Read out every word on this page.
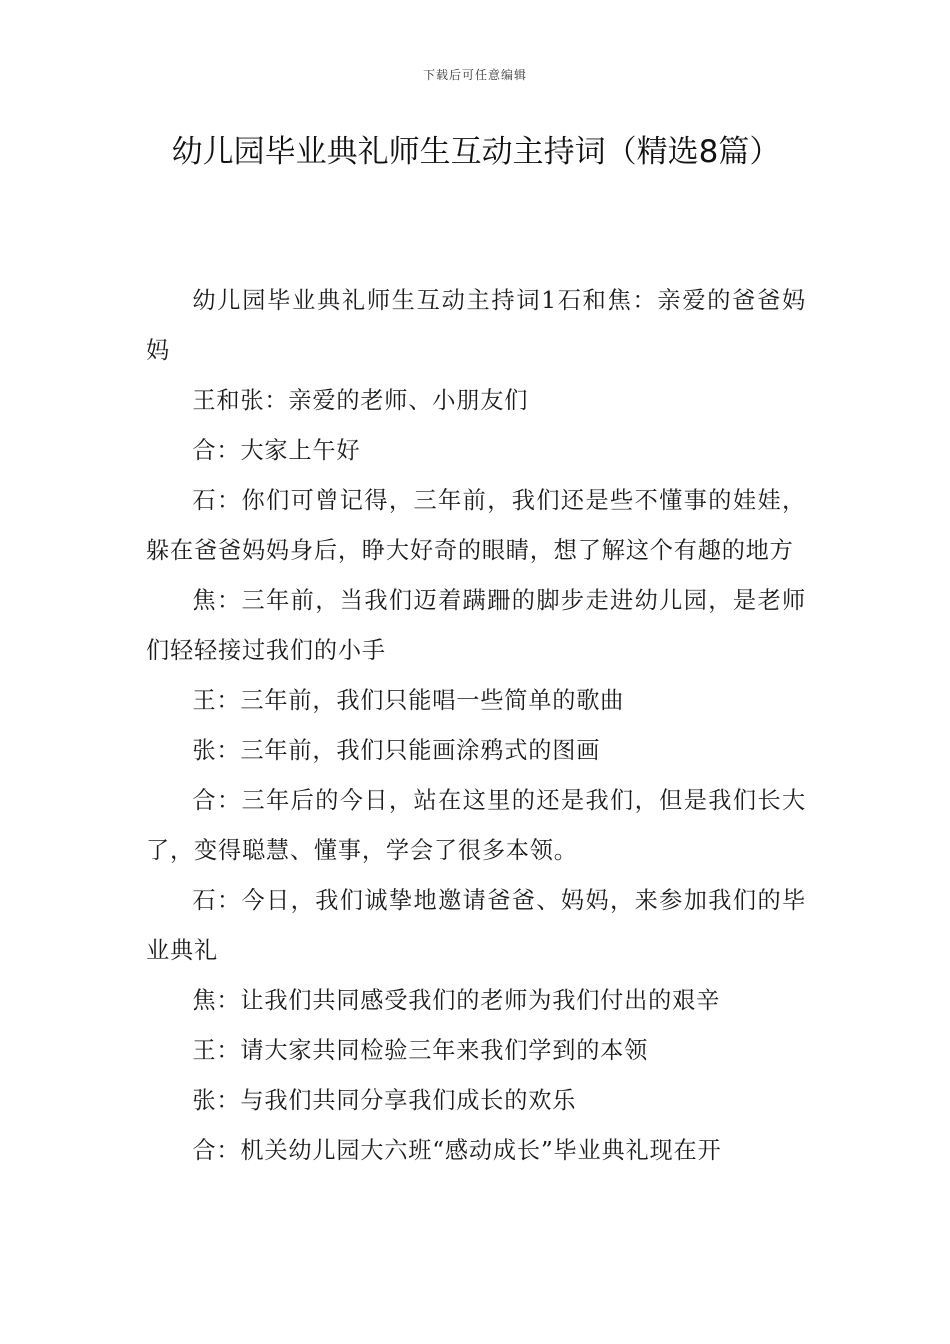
下载后可任意编辑
幼儿园毕业典礼师生互动主持词（精选8篇）

幼儿园毕业典礼师生互动主持词1石和焦：亲爱的爸爸妈妈

王和张：亲爱的老师、小朋友们

合：大家上午好

石：你们可曾记得，三年前，我们还是些不懂事的娃娃，躲在爸爸妈妈身后，睁大好奇的眼睛，想了解这个有趣的地方

焦：三年前，当我们迈着蹒跚的脚步走进幼儿园，是老师们轻轻接过我们的小手

王：三年前，我们只能唱一些简单的歌曲

张：三年前，我们只能画涂鸦式的图画

合：三年后的今日，站在这里的还是我们，但是我们长大了，变得聪慧、懂事，学会了很多本领。

石：今日，我们诚挚地邀请爸爸、妈妈，来参加我们的毕业典礼

焦：让我们共同感受我们的老师为我们付出的艰辛

王：请大家共同检验三年来我们学到的本领

张：与我们共同分享我们成长的欢乐

合：机关幼儿园大六班“感动成长”毕业典礼现在开
